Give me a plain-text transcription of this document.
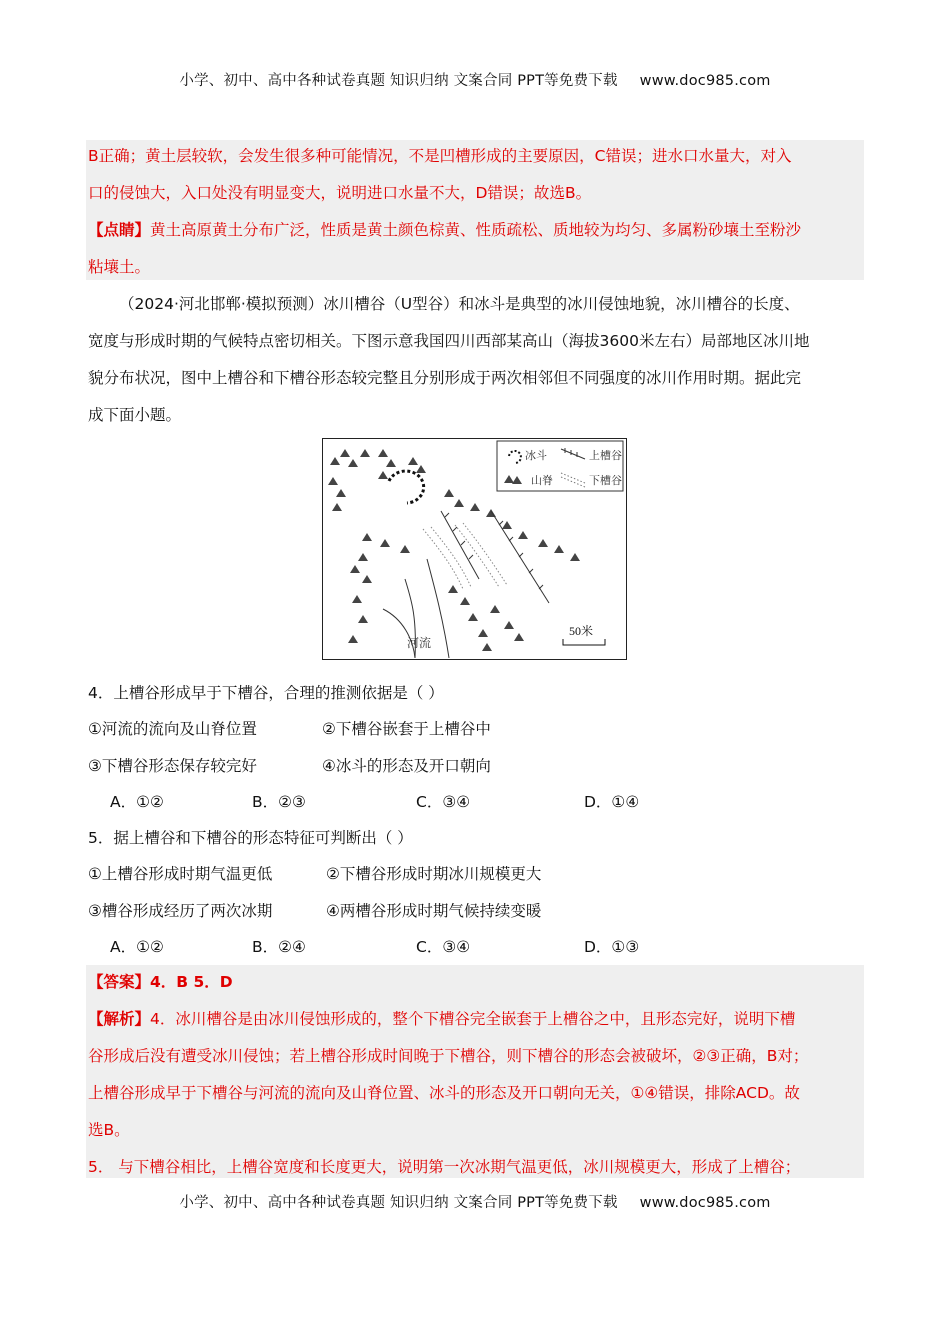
小学、初中、高中各种试卷真题 知识归纳 文案合同 PPT等免费下载 www.doc985.com
B正确；黄土层较软，会发生很多种可能情况，不是凹槽形成的主要原因，C错误；进水口水量大，对入
口的侵蚀大，入口处没有明显变大，说明进口水量不大，D错误；故选B。
【点睛】黄土高原黄土分布广泛，性质是黄土颜色棕黄、性质疏松、质地较为均匀、多属粉砂壤土至粉沙
粘壤土。
（2024·河北邯郸·模拟预测）冰川槽谷（U型谷）和冰斗是典型的冰川侵蚀地貌，冰川槽谷的长度、
宽度与形成时期的气候特点密切相关。下图示意我国四川西部某高山（海拔3600米左右）局部地区冰川地
貌分布状况，图中上槽谷和下槽谷形态较完整且分别形成于两次相邻但不同强度的冰川作用时期。据此完
成下面小题。
冰斗	上槽谷
山脊	下槽谷
河流
50米
4．上槽谷形成早于下槽谷，合理的推测依据是（ ）
①河流的流向及山脊位置	②下槽谷嵌套于上槽谷中
③下槽谷形态保存较完好	④冰斗的形态及开口朝向
A．①②	B．②③	C．③④	D．①④
5．据上槽谷和下槽谷的形态特征可判断出（ ）
①上槽谷形成时期气温更低	②下槽谷形成时期冰川规模更大
③槽谷形成经历了两次冰期	④两槽谷形成时期气候持续变暖
A．①②	B．②④	C．③④	D．①③
【答案】4．B 5．D
【解析】4．冰川槽谷是由冰川侵蚀形成的，整个下槽谷完全嵌套于上槽谷之中，且形态完好，说明下槽
谷形成后没有遭受冰川侵蚀；若上槽谷形成时间晚于下槽谷，则下槽谷的形态会被破坏，②③正确，B对；
上槽谷形成早于下槽谷与河流的流向及山脊位置、冰斗的形态及开口朝向无关，①④错误，排除ACD。故
选B。
5． 与下槽谷相比，上槽谷宽度和长度更大，说明第一次冰期气温更低，冰川规模更大，形成了上槽谷；
小学、初中、高中各种试卷真题 知识归纳 文案合同 PPT等免费下载 www.doc985.com
